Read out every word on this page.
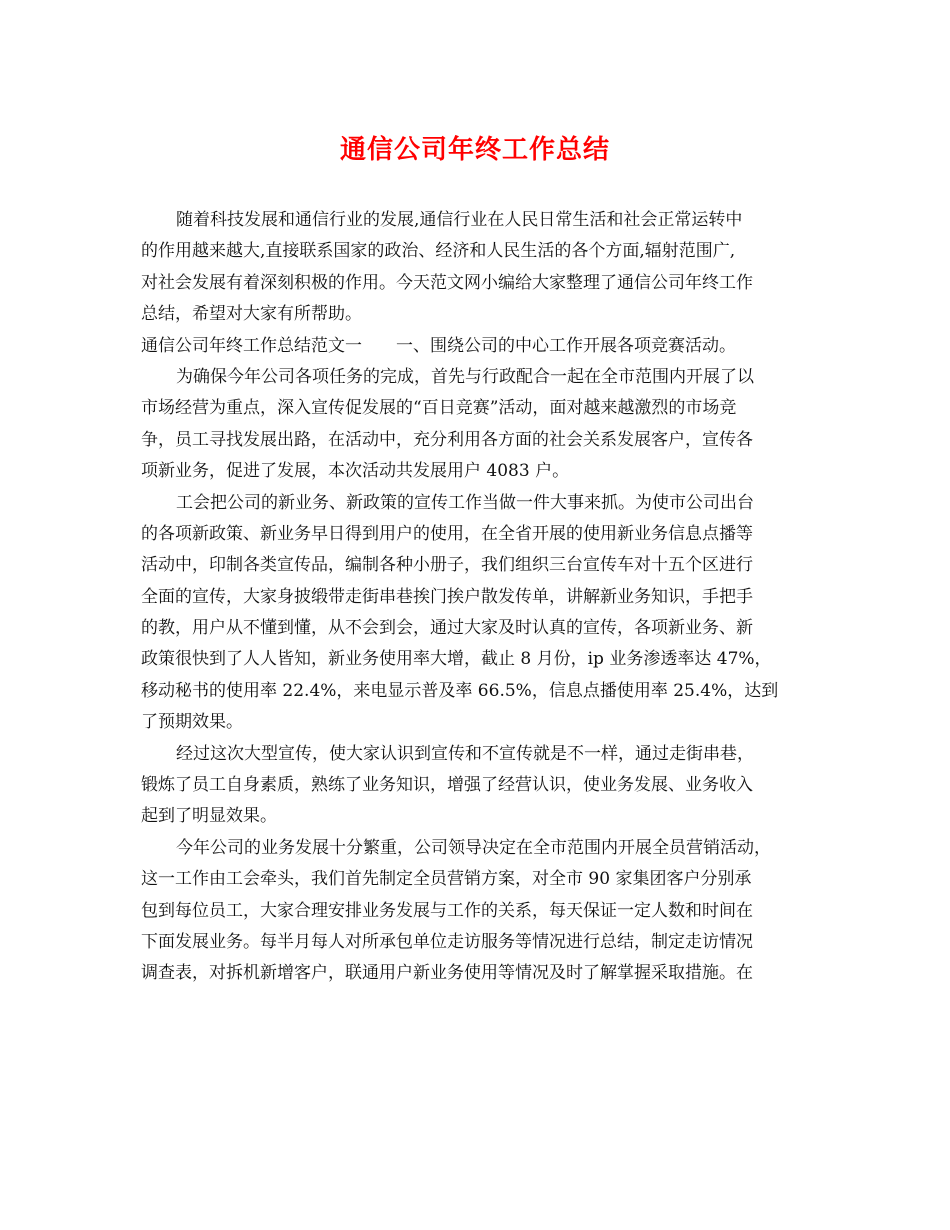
通信公司年终工作总结
随着科技发展和通信行业的发展,通信行业在人民日常生活和社会正常运转中
的作用越来越大,直接联系国家的政治、经济和人民生活的各个方面,辐射范围广,
对社会发展有着深刻积极的作用。今天范文网小编给大家整理了通信公司年终工作
总结，希望对大家有所帮助。
通信公司年终工作总结范文一　　一、围绕公司的中心工作开展各项竞赛活动。
为确保今年公司各项任务的完成，首先与行政配合一起在全市范围内开展了以
市场经营为重点，深入宣传促发展的“百日竞赛”活动，面对越来越激烈的市场竞
争，员工寻找发展出路，在活动中，充分利用各方面的社会关系发展客户，宣传各
项新业务，促进了发展，本次活动共发展用户 4083 户。
工会把公司的新业务、新政策的宣传工作当做一件大事来抓。为使市公司出台
的各项新政策、新业务早日得到用户的使用，在全省开展的使用新业务信息点播等
活动中，印制各类宣传品，编制各种小册子，我们组织三台宣传车对十五个区进行
全面的宣传，大家身披缎带走街串巷挨门挨户散发传单，讲解新业务知识，手把手
的教，用户从不懂到懂，从不会到会，通过大家及时认真的宣传，各项新业务、新
政策很快到了人人皆知，新业务使用率大增，截止 8 月份，ip 业务渗透率达 47%，
移动秘书的使用率 22.4%，来电显示普及率 66.5%，信息点播使用率 25.4%，达到
了预期效果。
经过这次大型宣传，使大家认识到宣传和不宣传就是不一样，通过走街串巷，
锻炼了员工自身素质，熟练了业务知识，增强了经营认识，使业务发展、业务收入
起到了明显效果。
今年公司的业务发展十分繁重，公司领导决定在全市范围内开展全员营销活动，
这一工作由工会牵头，我们首先制定全员营销方案，对全市 90 家集团客户分别承
包到每位员工，大家合理安排业务发展与工作的关系，每天保证一定人数和时间在
下面发展业务。每半月每人对所承包单位走访服务等情况进行总结，制定走访情况
调查表，对拆机新增客户，联通用户新业务使用等情况及时了解掌握采取措施。在
